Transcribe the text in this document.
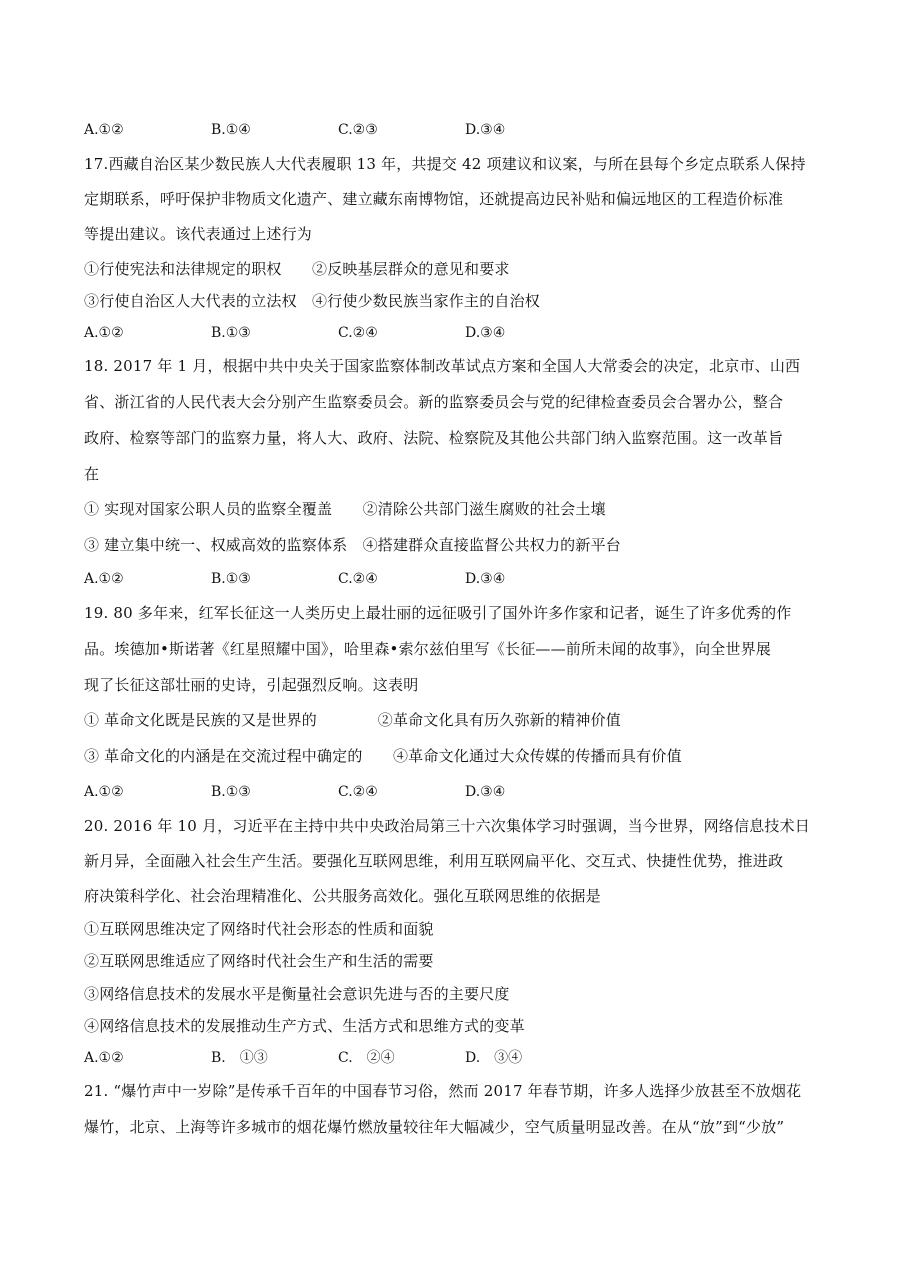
A.①②	B.①④	C.②③	D.③④
17.西藏自治区某少数民族人大代表履职 13 年，共提交 42 项建议和议案，与所在县每个乡定点联系人保持
定期联系，呼吁保护非物质文化遗产、建立藏东南博物馆，还就提高边民补贴和偏远地区的工程造价标准
等提出建议。该代表通过上述行为
①行使宪法和法律规定的职权　　②反映基层群众的意见和要求
③行使自治区人大代表的立法权　④行使少数民族当家作主的自治权
A.①②	B.①③	C.②④	D.③④
18. 2017 年 1 月，根据中共中央关于国家监察体制改革试点方案和全国人大常委会的决定，北京市、山西
省、浙江省的人民代表大会分别产生监察委员会。新的监察委员会与党的纪律检查委员会合署办公，整合
政府、检察等部门的监察力量，将人大、政府、法院、检察院及其他公共部门纳入监察范围。这一改革旨
在
① 实现对国家公职人员的监察全覆盖　　②清除公共部门滋生腐败的社会土壤
③ 建立集中统一、权威高效的监察体系　④搭建群众直接监督公共权力的新平台
A.①②	B.①③	C.②④	D.③④
19. 80 多年来，红军长征这一人类历史上最壮丽的远征吸引了国外许多作家和记者，诞生了许多优秀的作
品。埃德加•斯诺著《红星照耀中国》，哈里森•索尔兹伯里写《长征——前所未闻的故事》，向全世界展
现了长征这部壮丽的史诗，引起强烈反响。这表明
① 革命文化既是民族的又是世界的　　　　②革命文化具有历久弥新的精神价值
③ 革命文化的内涵是在交流过程中确定的　　④革命文化通过大众传媒的传播而具有价值
A.①②	B.①③	C.②④	D.③④
20. 2016 年 10 月，习近平在主持中共中央政治局第三十六次集体学习时强调，当今世界，网络信息技术日
新月异，全面融入社会生产生活。要强化互联网思维，利用互联网扁平化、交互式、快捷性优势，推进政
府决策科学化、社会治理精准化、公共服务高效化。强化互联网思维的依据是
①互联网思维决定了网络时代社会形态的性质和面貌
②互联网思维适应了网络时代社会生产和生活的需要
③网络信息技术的发展水平是衡量社会意识先进与否的主要尺度
④网络信息技术的发展推动生产方式、生活方式和思维方式的变革
A.①②	B.　①③	C.　②④	D.　③④
21. “爆竹声中一岁除”是传承千百年的中国春节习俗，然而 2017 年春节期，许多人选择少放甚至不放烟花
爆竹，北京、上海等许多城市的烟花爆竹燃放量较往年大幅减少，空气质量明显改善。在从“放”到“少放”
